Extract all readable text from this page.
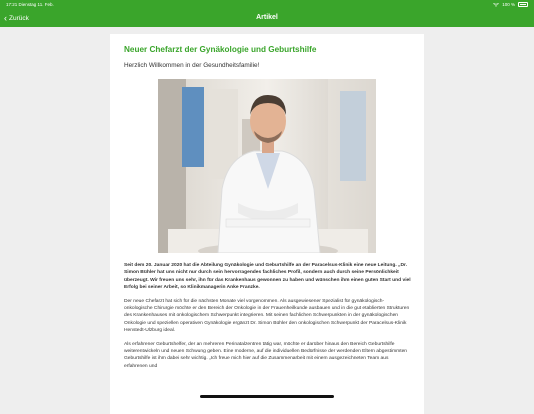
17:21 Dienstag 11. Feb.	100 %
‹ Zurück	Artikel
Neuer Chefarzt der Gynäkologie und Geburtshilfe
Herzlich Willkommen in der Gesundheitsfamilie!

Seit dem 20. Januar 2020 hat die Abteilung Gynäkologie und Geburtshilfe an der Paracelsus-Klinik eine neue Leitung. „Dr. Simon Bühler hat uns nicht nur durch sein hervorragendes fachliches Profil, sondern auch durch seine Persönlichkeit überzeugt. Wir freuen uns sehr, ihn für das Krankenhaus gewonnen zu haben und wünschen ihm einen guten Start und viel Erfolg bei seiner Arbeit, so Klinikmanagerin Anke Franzke.

Der neue Chefarzt hat sich für die nächsten Monate viel vorgenommen. Als ausgewiesener Spezialist für gynäkologisch-onkologische Chirurgie möchte er den Bereich der Onkologie in der Frauenheilkunde ausbauen und in die gut etablierten Strukturen des Krankenhauses mit onkologischem Schwerpunkt integrieren. Mit seinen fachlichen Schwerpunkten in der gynäkologischen Onkologie und speziellen operativen Gynäkologie ergänzt Dr. Simon Bühler den onkologischen Schwerpunkt der Paracelsus-Klinik Henstedt-Ulzburg ideal.

Als erfahrener Geburtshelfer, der an mehreren Perinatalzentren tätig war, möchte er darüber hinaus den Bereich Geburtshilfe weiterentwickeln und neuen Schwung geben. Eine moderne, auf die individuellen Bedürfnisse der werdenden Eltern abgestimmten Geburtshilfe ist ihm dabei sehr wichtig. „Ich freue mich hier auf die Zusammenarbeit mit einem ausgezeichneten Team aus erfahrenen und
